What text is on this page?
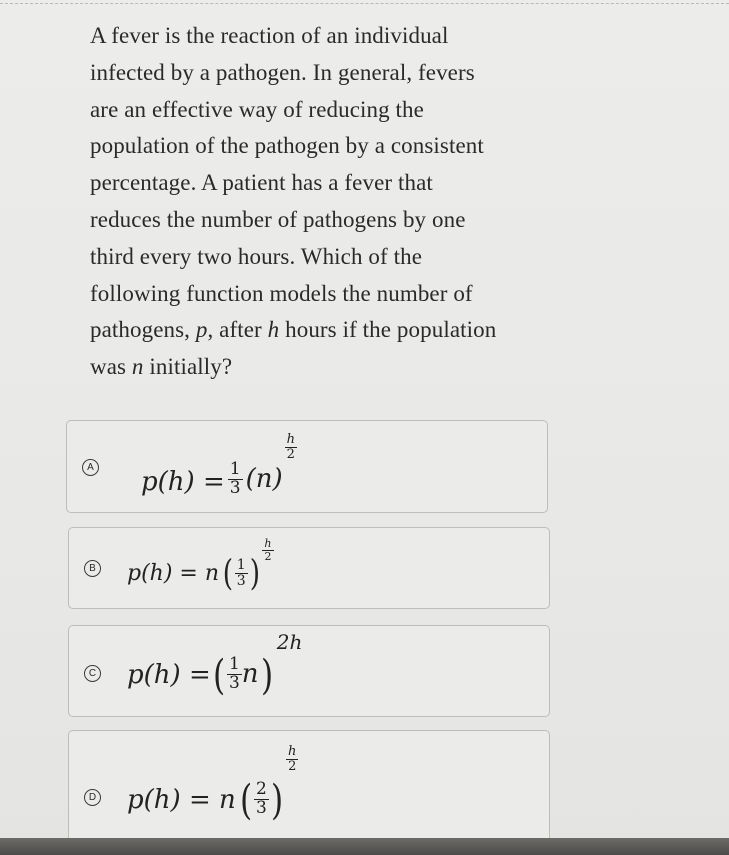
A fever is the reaction of an individual
infected by a pathogen. In general, fevers
are an effective way of reducing the
population of the pathogen by a consistent
percentage. A patient has a fever that
reduces the number of pathogens by one
third every two hours. Which of the
following function models the number of
pathogens, p, after h hours if the population
was n initially?
A $p(h) = \frac{1}{3} (n)$
$\frac{h}{2}$
B p(h) = n ( $\frac{1}{3}$ )
$\frac{h}{2}$
C p(h) =( $\frac{1}{3} n)2h$
D $p(h) = n( \frac{2}{3}$ )
$\frac{h}{2}$
